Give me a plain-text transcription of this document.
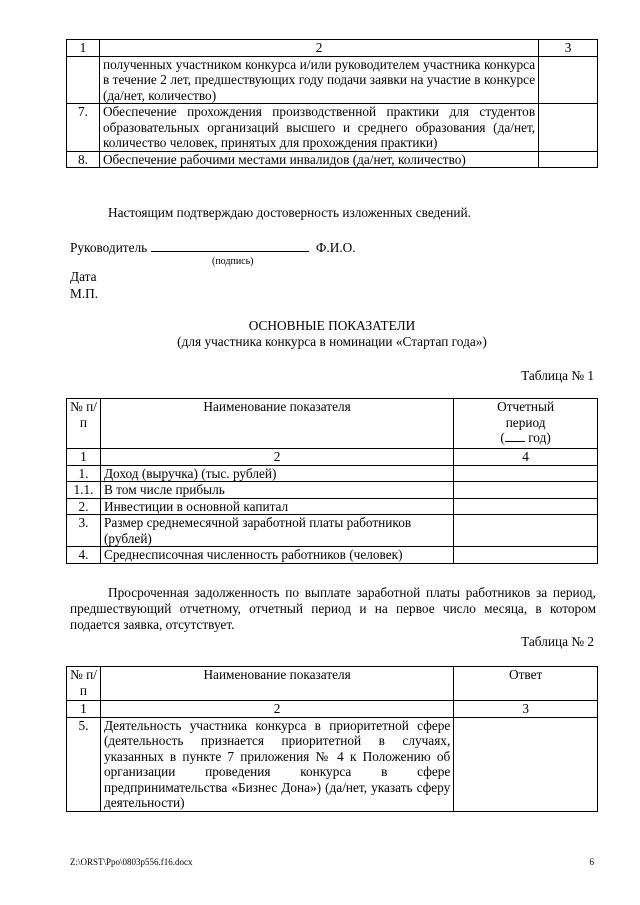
1	2	3
	полученных участником конкурса и/или руководителем участника конкурса в течение 2 лет, предшествующих году подачи заявки на участие в конкурсе (да/нет, количество)	
7.	Обеспечение прохождения производственной практики для студентов образовательных организаций высшего и среднего образования (да/нет, количество человек, принятых для прохождения практики)	
8.	Обеспечение рабочими местами инвалидов (да/нет, количество)	

Настоящим подтверждаю достоверность изложенных сведений.

Руководитель	Ф.И.О.
(подпись)
Дата
М.П.
ОСНОВНЫЕ ПОКАЗАТЕЛИ
(для участника конкурса в номинации «Стартап года»)
Таблица № 1
№ п/п	Наименование показателя	Отчетный
период
( год)

1	2	4
1.	Доход (выручка) (тыс. рублей)	
1.1.	В том числе прибыль	
2.	Инвестиции в основной капитал	
3.	Размер среднемесячной заработной платы работников (рублей)	
4.	Среднесписочная численность работников (человек)	

Просроченная задолженность по выплате заработной платы работников за период, предшествующий отчетному, отчетный период и на первое число месяца, в котором подается заявка, отсутствует.

Таблица № 2
№ п/п	Наименование показателя	Ответ
1	2	3
5.	Деятельность участника конкурса в приоритетной сфере (деятельность признается приоритетной в случаях, указанных в пункте 7 приложения № 4 к Положению об организации проведения конкурса в сфере предпринимательства «Бизнес Дона») (да/нет, указать сферу деятельности)	
Z:\ORST\Ppo\0803p556.f16.docx	6
